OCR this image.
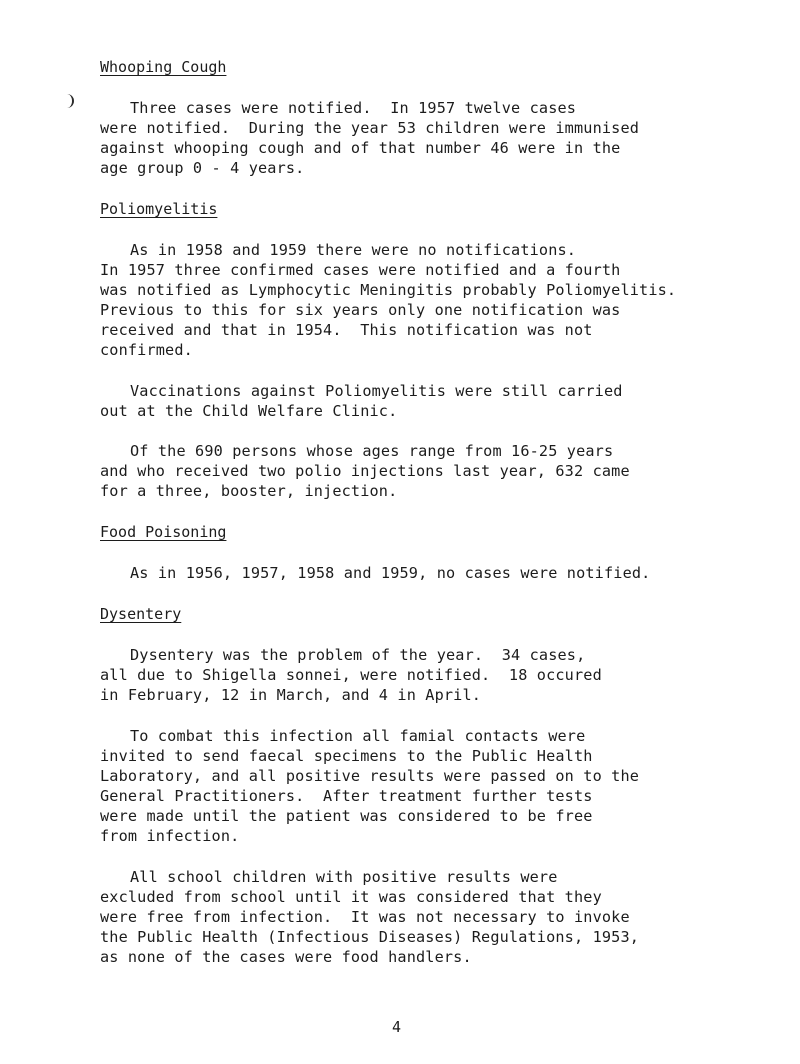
Whooping Cough
Three cases were notified.  In 1957 twelve cases
were notified.  During the year 53 children were immunised
against whooping cough and of that number 46 were in the
age group 0 - 4 years.
Poliomyelitis
As in 1958 and 1959 there were no notifications.
In 1957 three confirmed cases were notified and a fourth
was notified as Lymphocytic Meningitis probably Poliomyelitis.
Previous to this for six years only one notification was
received and that in 1954.  This notification was not
confirmed.
Vaccinations against Poliomyelitis were still carried
out at the Child Welfare Clinic.
Of the 690 persons whose ages range from 16-25 years
and who received two polio injections last year, 632 came
for a three, booster, injection.
Food Poisoning
As in 1956, 1957, 1958 and 1959, no cases were notified.
Dysentery
Dysentery was the problem of the year.  34 cases,
all due to Shigella sonnei, were notified.  18 occured
in February, 12 in March, and 4 in April.
To combat this infection all famial contacts were
invited to send faecal specimens to the Public Health
Laboratory, and all positive results were passed on to the
General Practitioners.  After treatment further tests
were made until the patient was considered to be free
from infection.
All school children with positive results were
excluded from school until it was considered that they
were free from infection.  It was not necessary to invoke
the Public Health (Infectious Diseases) Regulations, 1953,
as none of the cases were food handlers.
4
